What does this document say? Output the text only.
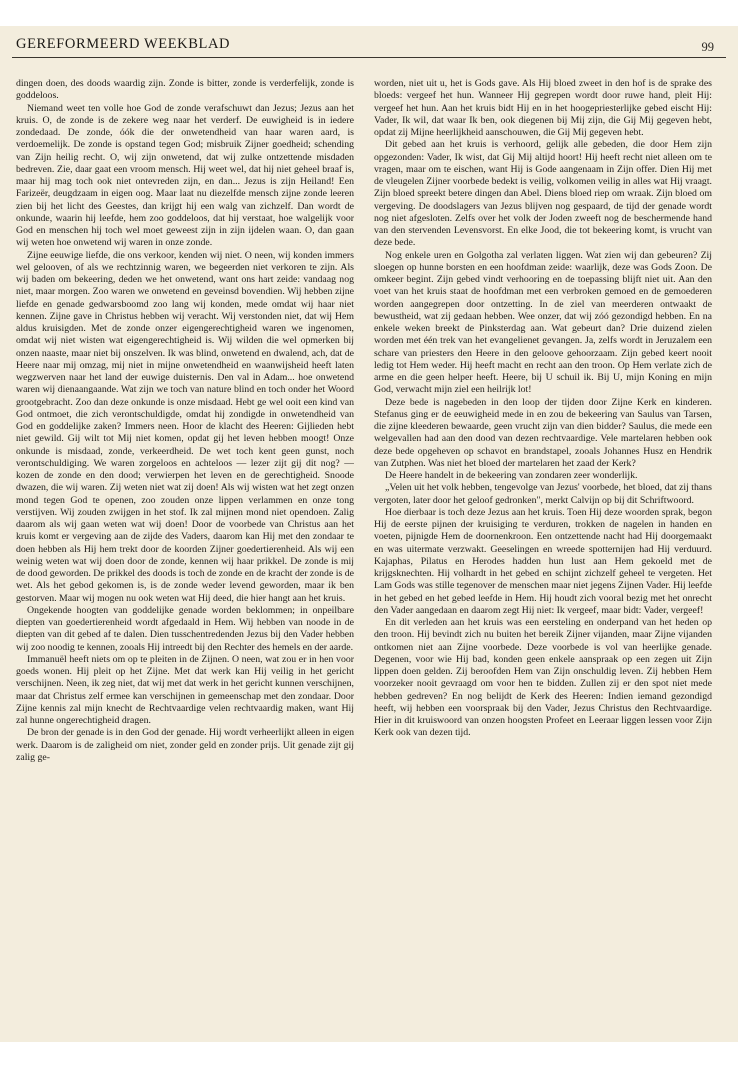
GEREFORMEERD WEEKBLAD	99

dingen doen, des doods waardig zijn. Zonde is bitter, zonde is verderfelijk, zonde is goddeloos.

Niemand weet ten volle hoe God de zonde verafschuwt dan Jezus; Jezus aan het kruis. O, de zonde is de zekere weg naar het verderf. De euwigheid is in iedere zondedaad. De zonde, óók die der onwetendheid van haar waren aard, is verdoemelijk. De zonde is opstand tegen God; misbruik Zijner goedheid; schending van Zijn heilig recht. O, wij zijn onwetend, dat wij zulke ontzettende misdaden bedreven. Zie, daar gaat een vroom mensch. Hij weet wel, dat hij niet geheel braaf is, maar hij mag toch ook niet ontevreden zijn, en dan... Jezus is zijn Heiland! Een Farizeër, deugdzaam in eigen oog. Maar laat nu diezelfde mensch zijne zonde leeren zien bij het licht des Geestes, dan krijgt hij een walg van zichzelf. Dan wordt de onkunde, waarin hij leefde, hem zoo goddeloos, dat hij verstaat, hoe walgelijk voor God en menschen hij toch wel moet geweest zijn in zijn ijdelen waan. O, dan gaan wij weten hoe onwetend wij waren in onze zonde.

Zijne eeuwige liefde, die ons verkoor, kenden wij niet. O neen, wij konden immers wel gelooven, of als we rechtzinnig waren, we begeerden niet verkoren te zijn. Als wij baden om bekeering, deden we het onwetend, want ons hart zeide: vandaag nog niet, maar morgen. Zoo waren we onwetend en geveinsd bovendien. Wij hebben zijne liefde en genade gedwarsboomd zoo lang wij konden, mede omdat wij haar niet kennen. Zijne gave in Christus hebben wij veracht. Wij verstonden niet, dat wij Hem aldus kruisigden. Met de zonde onzer eigengerechtigheid waren we ingenomen, omdat wij niet wisten wat eigengerechtigheid is. Wij wilden die wel opmerken bij onzen naaste, maar niet bij onszelven. Ik was blind, onwetend en dwalend, ach, dat de Heere naar mij omzag, mij niet in mijne onwetendheid en waanwijsheid heeft laten wegzwerven naar het land der euwige duisternis. Den val in Adam... hoe onwetend waren wij dienaangaande. Wat zijn we toch van nature blind en toch onder het Woord grootgebracht. Zoo dan deze onkunde is onze misdaad. Hebt ge wel ooit een kind van God ontmoet, die zich verontschuldigde, omdat hij zondigde in onwetendheid van God en goddelijke zaken? Immers neen. Hoor de klacht des Heeren: Gijlieden hebt niet gewild. Gij wilt tot Mij niet komen, opdat gij het leven hebben moogt! Onze onkunde is misdaad, zonde, verkeerdheid. De wet toch kent geen gunst, noch verontschuldiging. We waren zorgeloos en achteloos — lezer zijt gij dit nog? — kozen de zonde en den dood; verwierpen het leven en de gerechtigheid. Snoode dwazen, die wij waren. Zij weten niet wat zij doen! Als wij wisten wat het zegt onzen mond tegen God te openen, zoo zouden onze lippen verlammen en onze tong verstijven. Wij zouden zwijgen in het stof. Ik zal mijnen mond niet opendoen. Zalig daarom als wij gaan weten wat wij doen! Door de voorbede van Christus aan het kruis komt er vergeving aan de zijde des Vaders, daarom kan Hij met den zondaar te doen hebben als Hij hem trekt door de koorden Zijner goedertierenheid. Als wij een weinig weten wat wij doen door de zonde, kennen wij haar prikkel. De zonde is mij de dood geworden. De prikkel des doods is toch de zonde en de kracht der zonde is de wet. Als het gebod gekomen is, is de zonde weder levend geworden, maar ik ben gestorven. Maar wij mogen nu ook weten wat Hij deed, die hier hangt aan het kruis.

Ongekende hoogten van goddelijke genade worden beklommen; in onpeilbare diepten van goedertierenheid wordt afgedaald in Hem. Wij hebben van noode in de diepten van dit gebed af te dalen. Dien tusschentredenden Jezus bij den Vader hebben wij zoo noodig te kennen, zooals Hij intreedt bij den Rechter des hemels en der aarde.

Immanuël heeft niets om op te pleiten in de Zijnen. O neen, wat zou er in hen voor goeds wonen. Hij pleit op het Zijne. Met dat werk kan Hij veilig in het gericht verschijnen. Neen, ik zeg niet, dat wij met dat werk in het gericht kunnen verschijnen, maar dat Christus zelf ermee kan verschijnen in gemeenschap met den zondaar. Door Zijne kennis zal mijn knecht de Rechtvaardige velen rechtvaardig maken, want Hij zal hunne ongerechtigheid dragen.

De bron der genade is in den God der genade. Hij wordt verheerlijkt alleen in eigen werk. Daarom is de zaligheid om niet, zonder geld en zonder prijs. Uit genade zijt gij zalig ge-

worden, niet uit u, het is Gods gave. Als Hij bloed zweet in den hof is de sprake des bloeds: vergeef het hun. Wanneer Hij gegrepen wordt door ruwe hand, pleit Hij: vergeef het hun. Aan het kruis bidt Hij en in het hoogepriesterlijke gebed eischt Hij: Vader, Ik wil, dat waar Ik ben, ook diegenen bij Mij zijn, die Gij Mij gegeven hebt, opdat zij Mijne heerlijkheid aanschouwen, die Gij Mij gegeven hebt.

Dit gebed aan het kruis is verhoord, gelijk alle gebeden, die door Hem zijn opgezonden: Vader, Ik wist, dat Gij Mij altijd hoort! Hij heeft recht niet alleen om te vragen, maar om te eischen, want Hij is Gode aangenaam in Zijn offer. Dien Hij met de vleugelen Zijner voorbede bedekt is veilig, volkomen veilig in alles wat Hij vraagt. Zijn bloed spreekt betere dingen dan Abel. Diens bloed riep om wraak. Zijn bloed om vergeving. De doodslagers van Jezus blijven nog gespaard, de tijd der genade wordt nog niet afgesloten. Zelfs over het volk der Joden zweeft nog de beschermende hand van den stervenden Levensvorst. En elke Jood, die tot bekeering komt, is vrucht van deze bede.

Nog enkele uren en Golgotha zal verlaten liggen. Wat zien wij dan gebeuren? Zij sloegen op hunne borsten en een hoofdman zeide: waarlijk, deze was Gods Zoon. De omkeer begint. Zijn gebed vindt verhooring en de toepassing blijft niet uit. Aan den voet van het kruis staat de hoofdman met een verbroken gemoed en de gemoederen worden aangegrepen door ontzetting. In de ziel van meerderen ontwaakt de bewustheid, wat zij gedaan hebben. Wee onzer, dat wij zóó gezondigd hebben. En na enkele weken breekt de Pinksterdag aan. Wat gebeurt dan? Drie duizend zielen worden met één trek van het evangelienet gevangen. Ja, zelfs wordt in Jeruzalem een schare van priesters den Heere in den geloove gehoorzaam. Zijn gebed keert nooit ledig tot Hem weder. Hij heeft macht en recht aan den troon. Op Hem verlate zich de arme en die geen helper heeft. Heere, bij U schuil ik. Bij U, mijn Koning en mijn God, verwacht mijn ziel een heilrijk lot!

Deze bede is nagebeden in den loop der tijden door Zijne Kerk en kinderen. Stefanus ging er de eeuwigheid mede in en zou de bekeering van Saulus van Tarsen, die zijne kleederen bewaarde, geen vrucht zijn van dien bidder? Saulus, die mede een welgevallen had aan den dood van dezen rechtvaardige. Vele martelaren hebben ook deze bede opgeheven op schavot en brandstapel, zooals Johannes Husz en Hendrik van Zutphen. Was niet het bloed der martelaren het zaad der Kerk?

De Heere handelt in de bekeering van zondaren zeer wonderlijk.

„Velen uit het volk hebben, tengevolge van Jezus' voorbede, het bloed, dat zij thans vergoten, later door het geloof gedronken", merkt Calvijn op bij dit Schriftwoord.

Hoe dierbaar is toch deze Jezus aan het kruis. Toen Hij deze woorden sprak, begon Hij de eerste pijnen der kruisiging te verduren, trokken de nagelen in handen en voeten, pijnigde Hem de doornenkroon. Een ontzettende nacht had Hij doorgemaakt en was uitermate verzwakt. Geeselingen en wreede spotternijen had Hij verduurd. Kajaphas, Pilatus en Herodes hadden hun lust aan Hem gekoeld met de krijgsknechten. Hij volhardt in het gebed en schijnt zichzelf geheel te vergeten. Het Lam Gods was stille tegenover de menschen maar niet jegens Zijnen Vader. Hij leefde in het gebed en het gebed leefde in Hem. Hij houdt zich vooral bezig met het onrecht den Vader aangedaan en daarom zegt Hij niet: Ik vergeef, maar bidt: Vader, vergeef!

En dit verleden aan het kruis was een eersteling en onderpand van het heden op den troon. Hij bevindt zich nu buiten het bereik Zijner vijanden, maar Zijne vijanden ontkomen niet aan Zijne voorbede. Deze voorbede is vol van heerlijke genade. Degenen, voor wie Hij bad, konden geen enkele aanspraak op een zegen uit Zijn lippen doen gelden. Zij beroofden Hem van Zijn onschuldig leven. Zij hebben Hem voorzeker nooit gevraagd om voor hen te bidden. Zullen zij er den spot niet mede hebben gedreven? En nog belijdt de Kerk des Heeren: Indien iemand gezondigd heeft, wij hebben een voorspraak bij den Vader, Jezus Christus den Rechtvaardige. Hier in dit kruiswoord van onzen hoogsten Profeet en Leeraar liggen lessen voor Zijn Kerk ook van dezen tijd.
